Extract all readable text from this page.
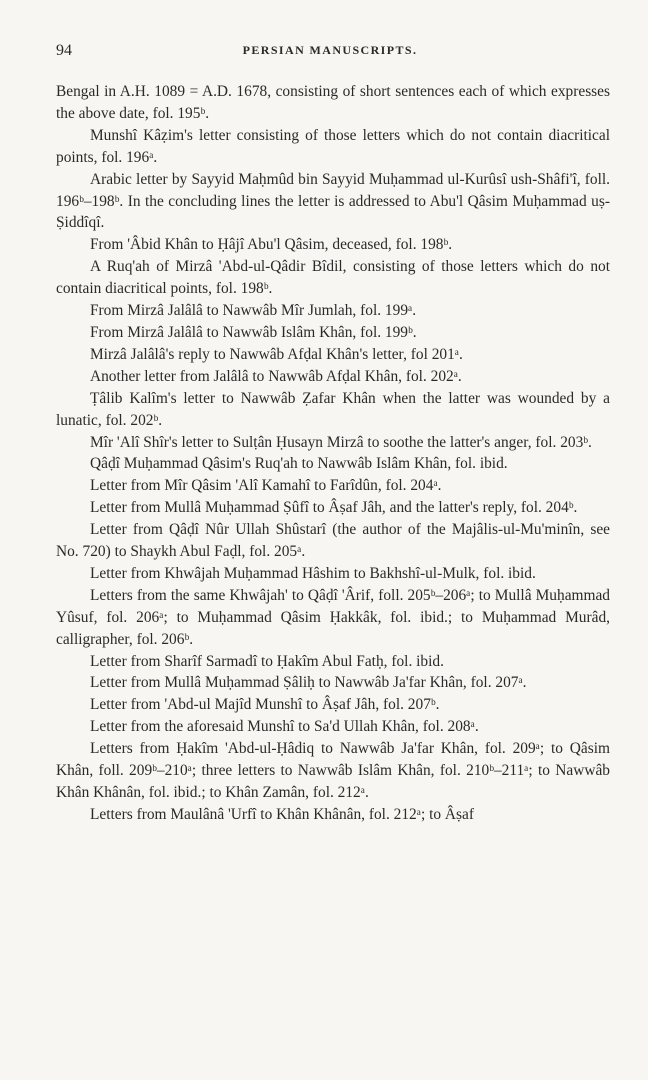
94	PERSIAN MANUSCRIPTS.

Bengal in A.H. 1089 = A.D. 1678, consisting of short sentences each of which expresses the above date, fol. 195ᵇ.

Munshî Kâẓim's letter consisting of those letters which do not contain diacritical points, fol. 196ᵃ.

Arabic letter by Sayyid Maḥmûd bin Sayyid Muḥammad ul-Kurûsî ush-Shâfi'î, foll. 196ᵇ–198ᵇ. In the concluding lines the letter is addressed to Abu'l Qâsim Muḥammad uṣ-Ṣiddîqî.

From 'Âbid Khân to Ḥâjî Abu'l Qâsim, deceased, fol. 198ᵇ.

A Ruq'ah of Mirzâ 'Abd-ul-Qâdir Bîdil, consisting of those letters which do not contain diacritical points, fol. 198ᵇ.

From Mirzâ Jalâlâ to Nawwâb Mîr Jumlah, fol. 199ᵃ.

From Mirzâ Jalâlâ to Nawwâb Islâm Khân, fol. 199ᵇ.

Mirzâ Jalâlâ's reply to Nawwâb Afḍal Khân's letter, fol 201ᵃ.

Another letter from Jalâlâ to Nawwâb Afḍal Khân, fol. 202ᵃ.

Ṭâlib Kalîm's letter to Nawwâb Ẓafar Khân when the latter was wounded by a lunatic, fol. 202ᵇ.

Mîr 'Alî Shîr's letter to Sulṭân Ḥusayn Mirzâ to soothe the latter's anger, fol. 203ᵇ.

Qâḍî Muḥammad Qâsim's Ruq'ah to Nawwâb Islâm Khân, fol. ibid.

Letter from Mîr Qâsim 'Alî Kamahî to Farîdûn, fol. 204ᵃ.

Letter from Mullâ Muḥammad Ṣûfî to Âṣaf Jâh, and the latter's reply, fol. 204ᵇ.

Letter from Qâḍî Nûr Ullah Shûstarî (the author of the Majâlis-ul-Mu'minîn, see No. 720) to Shaykh Abul Faḍl, fol. 205ᵃ.

Letter from Khwâjah Muḥammad Hâshim to Bakhshî-ul-Mulk, fol. ibid.

Letters from the same Khwâjah' to Qâḍî 'Ârif, foll. 205ᵇ–206ᵃ; to Mullâ Muḥammad Yûsuf, fol. 206ᵃ; to Muḥammad Qâsim Ḥakkâk, fol. ibid.; to Muḥammad Murâd, calligrapher, fol. 206ᵇ.

Letter from Sharîf Sarmadî to Ḥakîm Abul Fatḥ, fol. ibid.

Letter from Mullâ Muḥammad Ṣâliḥ to Nawwâb Ja'far Khân, fol. 207ᵃ.

Letter from 'Abd-ul Majîd Munshî to Âṣaf Jâh, fol. 207ᵇ.

Letter from the aforesaid Munshî to Sa'd Ullah Khân, fol. 208ᵃ.

Letters from Ḥakîm 'Abd-ul-Ḥâdiq to Nawwâb Ja'far Khân, fol. 209ᵃ; to Qâsim Khân, foll. 209ᵇ–210ᵃ; three letters to Nawwâb Islâm Khân, fol. 210ᵇ–211ᵃ; to Nawwâb Khân Khânân, fol. ibid.; to Khân Zamân, fol. 212ᵃ.

Letters from Maulânâ 'Urfî to Khân Khânân, fol. 212ᵃ; to Âṣaf
